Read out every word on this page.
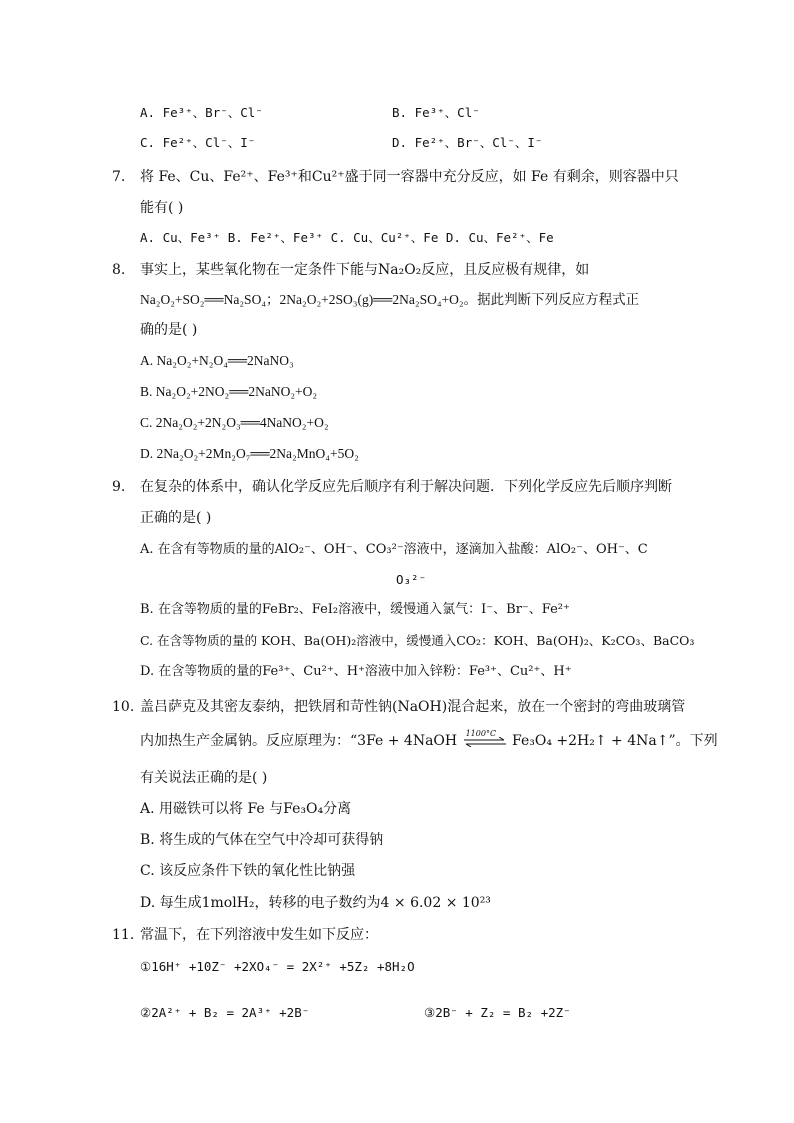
A. Fe³⁺、Br⁻、Cl⁻	B. Fe³⁺、Cl⁻
C. Fe²⁺、Cl⁻、I⁻	D. Fe²⁺、Br⁻、Cl⁻、I⁻
7. 将 Fe、Cu、Fe²⁺、Fe³⁺和Cu²⁺盛于同一容器中充分反应，如 Fe 有剩余，则容器中只
能有( )
A. Cu、Fe³⁺ B. Fe²⁺、Fe³⁺ C. Cu、Cu²⁺、Fe D. Cu、Fe²⁺、Fe
8. 事实上，某些氧化物在一定条件下能与Na₂O₂反应，且反应极有规律，如
Na₂O₂+SO₂══Na₂SO₄；2Na₂O₂+2SO₃(g)══2Na₂SO₄+O₂。据此判断下列反应方程式正
确的是( )
A. Na₂O₂+N₂O₄══2NaNO₃
B. Na₂O₂+2NO₂══2NaNO₂+O₂
C. 2Na₂O₂+2N₂O₃══4NaNO₂+O₂
D. 2Na₂O₂+2Mn₂O₇══2Na₂MnO₄+5O₂
9. 在复杂的体系中，确认化学反应先后顺序有利于解决问题．下列化学反应先后顺序判断
正确的是( )
A. 在含有等物质的量的AlO₂⁻、OH⁻、CO₃²⁻溶液中，逐滴加入盐酸：AlO₂⁻、OH⁻、C
O₃²⁻
B. 在含等物质的量的FeBr₂、FeI₂溶液中，缓慢通入氯气：I⁻、Br⁻、Fe²⁺
C. 在含等物质的量的 KOH、Ba(OH)₂溶液中，缓慢通入CO₂：KOH、Ba(OH)₂、K₂CO₃、BaCO₃
D. 在含等物质的量的Fe³⁺、Cu²⁺、H⁺溶液中加入锌粉：Fe³⁺、Cu²⁺、H⁺
10. 盖吕萨克及其密友泰纳，把铁屑和苛性钠(NaOH)混合起来，放在一个密封的弯曲玻璃管
内加热生产金属钠。反应原理为：“3Fe + 4NaOH 1100°C Fe₃O₄ +2H₂↑ + 4Na↑”。下列
有关说法正确的是( )
A. 用磁铁可以将 Fe 与Fe₃O₄分离
B. 将生成的气体在空气中冷却可获得钠
C. 该反应条件下铁的氧化性比钠强
D. 每生成1molH₂，转移的电子数约为4 × 6.02 × 10²³
11. 常温下，在下列溶液中发生如下反应：
①16H⁺ +10Z⁻ +2XO₄⁻ = 2X²⁺ +5Z₂ +8H₂O
②2A²⁺ + B₂ = 2A³⁺ +2B⁻	③2B⁻ + Z₂ = B₂ +2Z⁻
